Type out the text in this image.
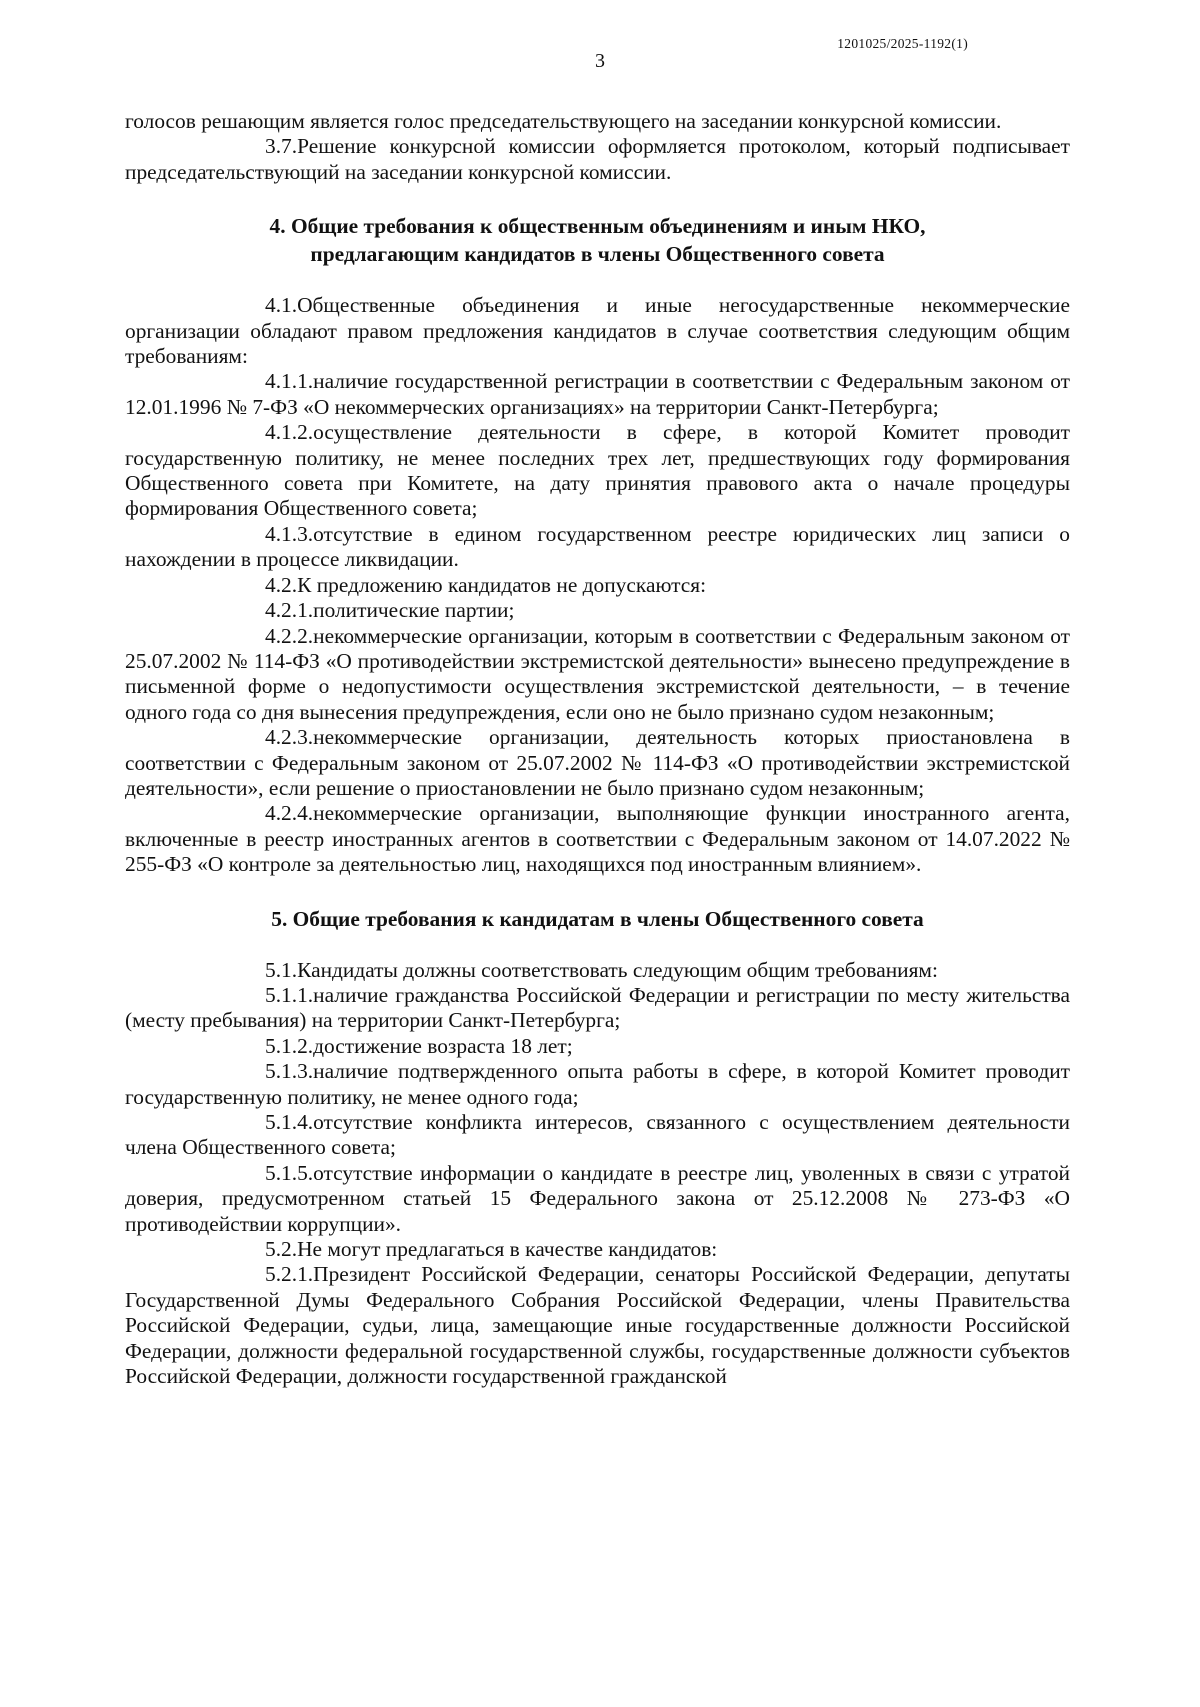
1201025/2025-1192(1)
3

голосов решающим является голос председательствующего на заседании конкурсной комиссии.

3.7.Решение конкурсной комиссии оформляется протоколом, который подписывает председательствующий на заседании конкурсной комиссии.

4. Общие требования к общественным объединениям и иным НКО,
предлагающим кандидатов в члены Общественного совета

4.1.Общественные объединения и иные негосударственные некоммерческие организации обладают правом предложения кандидатов в случае соответствия следующим общим требованиям:

4.1.1.наличие государственной регистрации в соответствии с Федеральным законом от 12.01.1996 № 7-ФЗ «О некоммерческих организациях» на территории Санкт-Петербурга;

4.1.2.осуществление деятельности в сфере, в которой Комитет проводит государственную политику, не менее последних трех лет, предшествующих году формирования Общественного совета при Комитете, на дату принятия правового акта о начале процедуры формирования Общественного совета;

4.1.3.отсутствие в едином государственном реестре юридических лиц записи о нахождении в процессе ликвидации.

4.2.К предложению кандидатов не допускаются:

4.2.1.политические партии;

4.2.2.некоммерческие организации, которым в соответствии с Федеральным законом от 25.07.2002 № 114-ФЗ «О противодействии экстремистской деятельности» вынесено предупреждение в письменной форме о недопустимости осуществления экстремистской деятельности, – в течение одного года со дня вынесения предупреждения, если оно не было признано судом незаконным;

4.2.3.некоммерческие организации, деятельность которых приостановлена в соответствии с Федеральным законом от 25.07.2002 № 114-ФЗ «О противодействии экстремистской деятельности», если решение о приостановлении не было признано судом незаконным;

4.2.4.некоммерческие организации, выполняющие функции иностранного агента, включенные в реестр иностранных агентов в соответствии с Федеральным законом от 14.07.2022 № 255-ФЗ «О контроле за деятельностью лиц, находящихся под иностранным влиянием».

5. Общие требования к кандидатам в члены Общественного совета

5.1.Кандидаты должны соответствовать следующим общим требованиям:

5.1.1.наличие гражданства Российской Федерации и регистрации по месту жительства (месту пребывания) на территории Санкт-Петербурга;

5.1.2.достижение возраста 18 лет;

5.1.3.наличие подтвержденного опыта работы в сфере, в которой Комитет проводит государственную политику, не менее одного года;

5.1.4.отсутствие конфликта интересов, связанного с осуществлением деятельности члена Общественного совета;

5.1.5.отсутствие информации о кандидате в реестре лиц, уволенных в связи с утратой доверия, предусмотренном статьей 15 Федерального закона от 25.12.2008 № 273-ФЗ «О противодействии коррупции».

5.2.Не могут предлагаться в качестве кандидатов:

5.2.1.Президент Российской Федерации, сенаторы Российской Федерации, депутаты Государственной Думы Федерального Собрания Российской Федерации, члены Правительства Российской Федерации, судьи, лица, замещающие иные государственные должности Российской Федерации, должности федеральной государственной службы, государственные должности субъектов Российской Федерации, должности государственной гражданской
